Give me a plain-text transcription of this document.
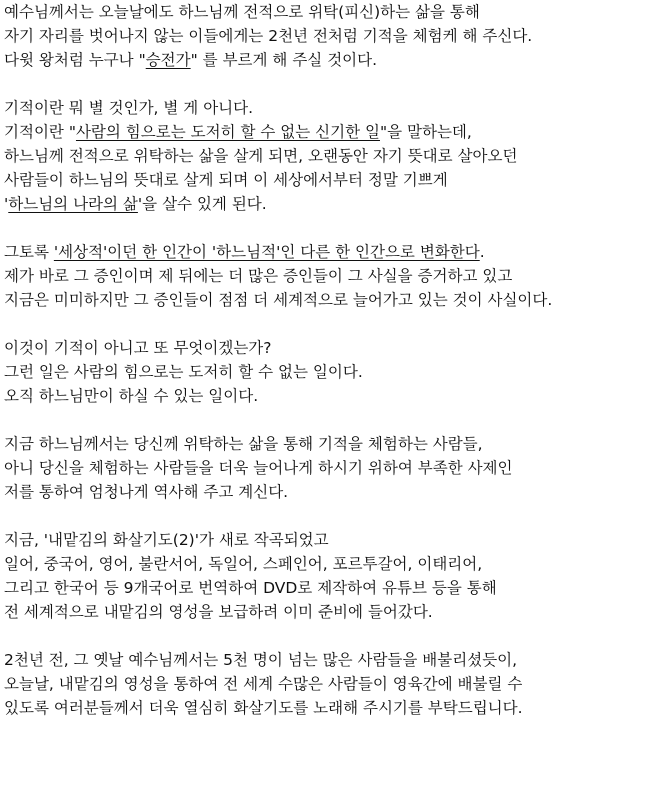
예수님께서는 오늘날에도 하느님께 전적으로 위탁(피신)하는 삶을 통해
자기 자리를 벗어나지 않는 이들에게는 2천년 전처럼 기적을 체험케 해 주신다.
다윗 왕처럼 누구나 "승전가" 를 부르게 해 주실 것이다.
기적이란 뭐 별 것인가, 별 게 아니다.
기적이란 "사람의 힘으로는 도저히 할 수 없는 신기한 일"을 말하는데,
하느님께 전적으로 위탁하는 삶을 살게 되면, 오랜동안 자기 뜻대로 살아오던
사람들이 하느님의 뜻대로 살게 되며 이 세상에서부터 정말 기쁘게
'하느님의 나라의 삶'을 살수 있게 된다.
그토록 '세상적'이던 한 인간이 '하느님적'인 다른 한 인간으로 변화한다.
제가 바로 그 증인이며 제 뒤에는 더 많은 증인들이 그 사실을 증거하고 있고
지금은 미미하지만 그 증인들이 점점 더 세계적으로 늘어가고 있는 것이 사실이다.
이것이 기적이 아니고 또 무엇이겠는가?
그런 일은 사람의 힘으로는 도저히 할 수 없는 일이다.
오직 하느님만이 하실 수 있는 일이다.
지금 하느님께서는 당신께 위탁하는 삶을 통해 기적을 체험하는 사람들,
아니 당신을 체험하는 사람들을 더욱 늘어나게 하시기 위하여 부족한 사제인
저를 통하여 엄청나게 역사해 주고 계신다.
지금, '내맡김의 화살기도(2)'가 새로 작곡되었고
일어, 중국어, 영어, 불란서어, 독일어, 스페인어, 포르투갈어, 이태리어,
그리고 한국어 등 9개국어로 번역하여 DVD로 제작하여 유튜브 등을 통해
전 세계적으로 내맡김의 영성을 보급하려 이미 준비에 들어갔다.
2천년 전, 그 옛날 예수님께서는 5천 명이 넘는 많은 사람들을 배불리셨듯이,
오늘날, 내맡김의 영성을 통하여 전 세계 수많은 사람들이 영육간에 배불릴 수
있도록 여러분들께서 더욱 열심히 화살기도를 노래해 주시기를 부탁드립니다.
